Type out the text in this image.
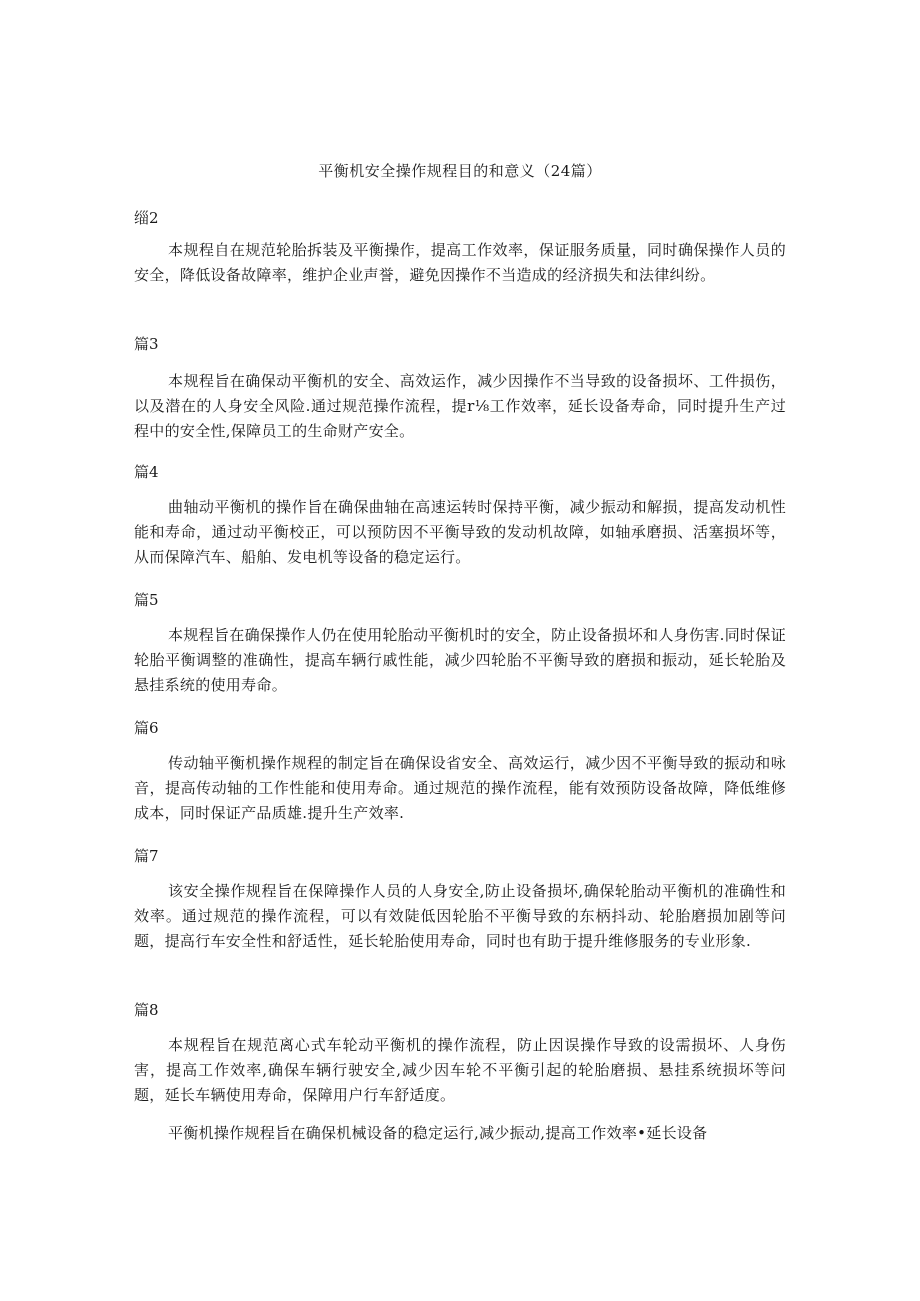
平衡机安全操作规程目的和意义（24篇）
缁2

本规程自在规范轮胎拆装及平衡操作，提高工作效率，保证服务质量，同时确保操作人员的安全，降低设备故障率，维护企业声誉，避免因操作不当造成的经济损失和法律纠纷。

篇3

本规程旨在确保动平衡机的安全、高效运作，减少因操作不当导致的设备损坏、工件损伤，以及潜在的人身安全风险.通过规范操作流程，提r⅛工作效率，延长设备寿命，同时提升生产过程中的安全性,保障员工的生命财产安全。

篇4

曲轴动平衡机的操作旨在确保曲轴在高速运转时保持平衡，减少振动和解损，提高发动机性能和寿命，通过动平衡校正，可以预防因不平衡导致的发动机故障，如轴承磨损、活塞损坏等，从而保障汽车、船舶、发电机等设备的稳定运行。

篇5

本规程旨在确保操作人仍在使用轮胎动平衡机时的安全，防止设备损坏和人身伤害.同时保证轮胎平衡调整的准确性，提高车辆行戚性能，减少四轮胎不平衡导致的磨损和振动，延长轮胎及悬挂系统的使用寿命。

篇6

传动轴平衡机操作规程的制定旨在确保设省安全、高效运行，减少因不平衡导致的振动和咏音，提高传动轴的工作性能和使用寿命。通过规范的操作流程，能有效预防设备故障，降低维修成本，同时保证产品质雄.提升生产效率.

篇7

该安全操作规程旨在保障操作人员的人身安全,防止设备损坏,确保轮胎动平衡机的准确性和效率。通过规范的操作流程，可以有效陡低因轮胎不平衡导致的东柄抖动、轮胎磨损加剧等问题，提高行车安全性和舒适性，延长轮胎使用寿命，同时也有助于提升维修服务的专业形象.

篇8

本规程旨在规范离心式车轮动平衡机的操作流程，防止因误操作导致的设需损坏、人身伤害，提高工作效率,确保车辆行驶安全,减少因车轮不平衡引起的轮胎磨损、悬挂系统损坏等问题，延长车辆使用寿命，保障用户行车舒适度。

平衡机操作规程旨在确保机械设备的稳定运行,减少振动,提高工作效率•延长设备
